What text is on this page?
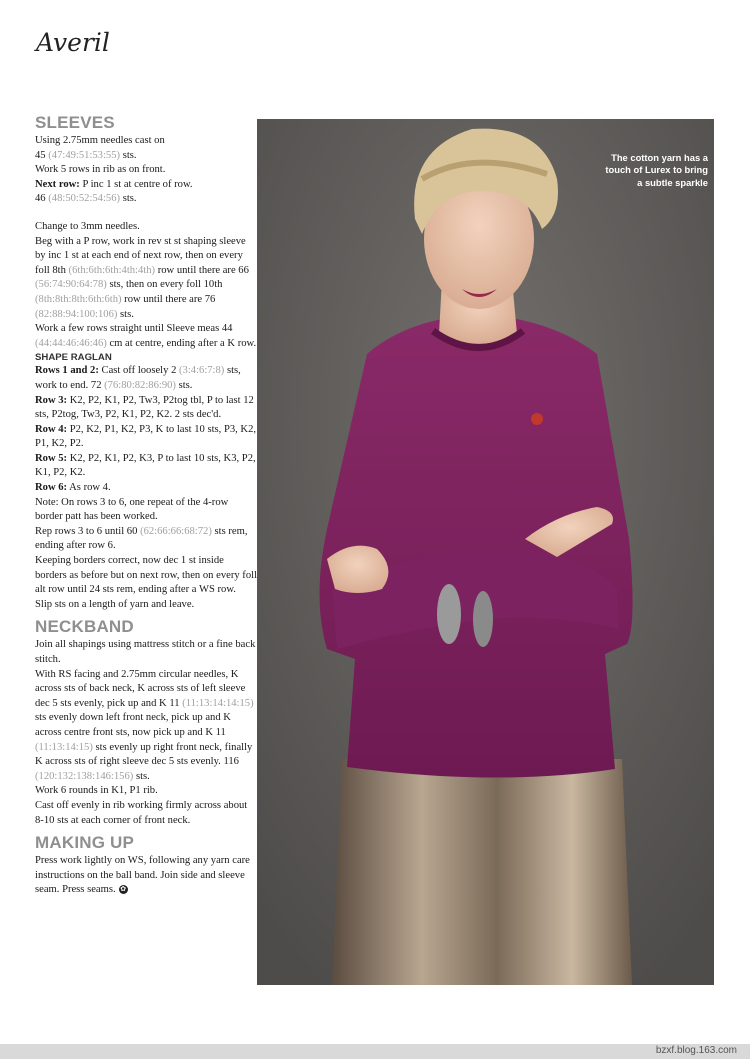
Averil

SLEEVES

Using 2.75mm needles cast on
45 (47:49:51:53:55) sts.

Work 5 rows in rib as on front.

Next row: P inc 1 st at centre of row.

46 (48:50:52:54:56) sts.

Change to 3mm needles.

Beg with a P row, work in rev st st shaping sleeve by inc 1 st at each end of next row, then on every foll 8th (6th:6th:6th:4th:4th) row until there are 66 (56:74:90:64:78) sts, then on every foll 10th (8th:8th:8th:6th:6th) row until there are 76 (82:88:94:100:106) sts.

Work a few rows straight until Sleeve meas 44 (44:44:46:46:46) cm at centre, ending after a K row.

SHAPE RAGLAN

Rows 1 and 2: Cast off loosely 2 (3:4:6:7:8) sts, work to end. 72 (76:80:82:86:90) sts.

Row 3: K2, P2, K1, P2, Tw3, P2tog tbl, P to last 12 sts, P2tog, Tw3, P2, K1, P2, K2. 2 sts dec'd.

Row 4: P2, K2, P1, K2, P3, K to last 10 sts, P3, K2, P1, K2, P2.

Row 5: K2, P2, K1, P2, K3, P to last 10 sts, K3, P2, K1, P2, K2.

Row 6: As row 4.

Note: On rows 3 to 6, one repeat of the 4-row border patt has been worked.

Rep rows 3 to 6 until 60 (62:66:66:68:72) sts rem, ending after row 6.

Keeping borders correct, now dec 1 st inside borders as before but on next row, then on every foll alt row until 24 sts rem, ending after a WS row.

Slip sts on a length of yarn and leave.

NECKBAND

Join all shapings using mattress stitch or a fine back stitch.

With RS facing and 2.75mm circular needles, K across sts of back neck, K across sts of left sleeve dec 5 sts evenly, pick up and K 11 (11:13:14:14:15) sts evenly down left front neck, pick up and K across centre front sts, now pick up and K 11 (11:13:14:15) sts evenly up right front neck, finally K across sts of right sleeve dec 5 sts evenly. 116 (120:132:138:146:156) sts.

Work 6 rounds in K1, P1 rib.

Cast off evenly in rib working firmly across about 8-10 sts at each corner of front neck.

MAKING UP

Press work lightly on WS, following any yarn care instructions on the ball band. Join side and sleeve seam. Press seams. ✿

The cotton yarn has a touch of Lurex to bring a subtle sparkle
bzxf.blog.163.com
